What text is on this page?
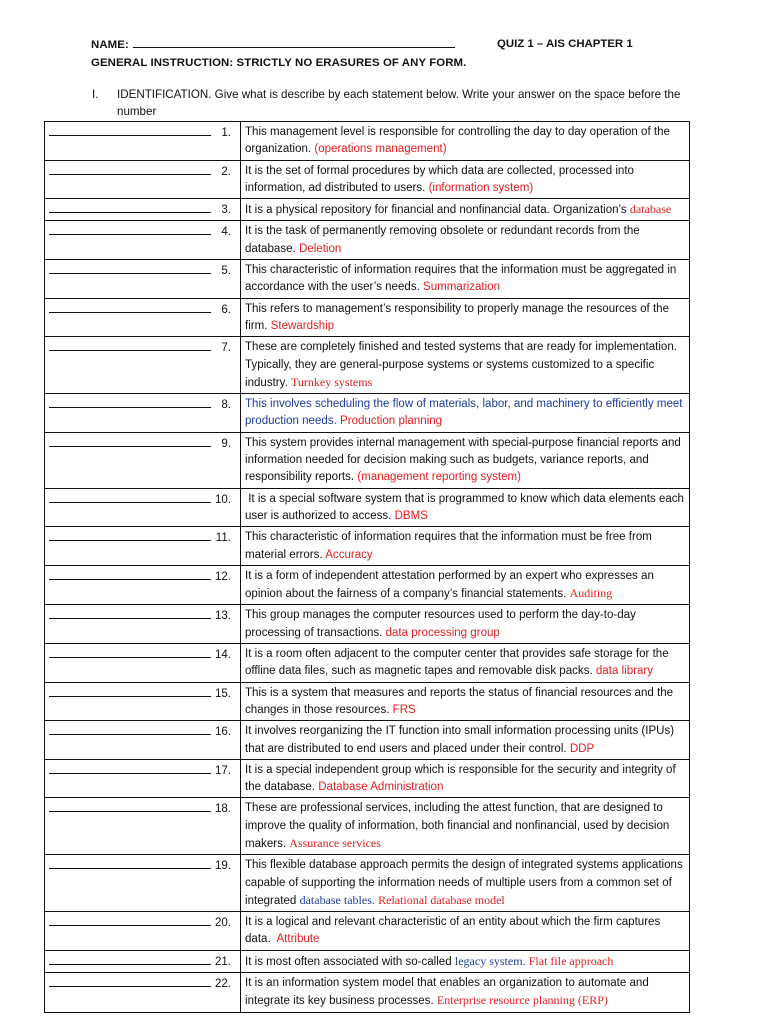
NAME:	QUIZ 1 – AIS CHAPTER 1
GENERAL INSTRUCTION: STRICTLY NO ERASURES OF ANY FORM.
I. IDENTIFICATION. Give what is describe by each statement below. Write your answer on the space before the number
1.	This management level is responsible for controlling the day to day operation of the organization. (operations management)
2.	It is the set of formal procedures by which data are collected, processed into information, ad distributed to users. (information system)
3.	It is a physical repository for financial and nonfinancial data. Organization’s database
4.	It is the task of permanently removing obsolete or redundant records from the database. Deletion
5.	This characteristic of information requires that the information must be aggregated in accordance with the user’s needs. Summarization
6.	This refers to management’s responsibility to properly manage the resources of the firm. Stewardship
7.	These are completely finished and tested systems that are ready for implementation. Typically, they are general-purpose systems or systems customized to a specific industry. Turnkey systems
8.	This involves scheduling the flow of materials, labor, and machinery to efficiently meet production needs. Production planning
9.	This system provides internal management with special-purpose financial reports and information needed for decision making such as budgets, variance reports, and responsibility reports. (management reporting system)
10.	It is a special software system that is programmed to know which data elements each user is authorized to access. DBMS
11.	This characteristic of information requires that the information must be free from material errors. Accuracy
12.	It is a form of independent attestation performed by an expert who expresses an opinion about the fairness of a company’s financial statements. Auditing
13.	This group manages the computer resources used to perform the day-to-day processing of transactions. data processing group
14.	It is a room often adjacent to the computer center that provides safe storage for the offline data files, such as magnetic tapes and removable disk packs. data library
15.	This is a system that measures and reports the status of financial resources and the changes in those resources. FRS
16.	It involves reorganizing the IT function into small information processing units (IPUs) that are distributed to end users and placed under their control. DDP
17.	It is a special independent group which is responsible for the security and integrity of the database. Database Administration
18.	These are professional services, including the attest function, that are designed to improve the quality of information, both financial and nonfinancial, used by decision makers. Assurance services
19.	This flexible database approach permits the design of integrated systems applications capable of supporting the information needs of multiple users from a common set of integrated database tables. Relational database model
20.	It is a logical and relevant characteristic of an entity about which the firm captures data.  Attribute
21.	It is most often associated with so-called legacy system. Flat file approach
22.	It is an information system model that enables an organization to automate and integrate its key business processes. Enterprise resource planning (ERP)
